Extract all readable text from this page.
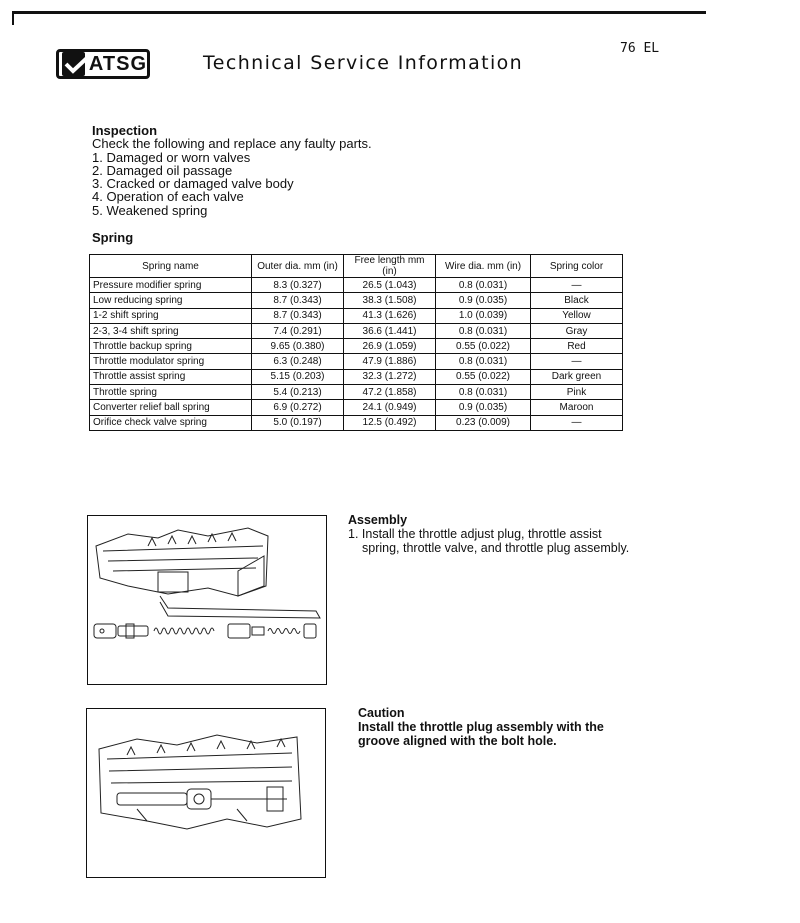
ATSG	Technical Service Information
76 EL
Inspection
Check the following and replace any faulty parts.
1. Damaged or worn valves
2. Damaged oil passage
3. Cracked or damaged valve body
4. Operation of each valve
5. Weakened spring
Spring
Spring name	Outer dia. mm (in)	Free length mm (in)	Wire dia. mm (in)	Spring color
Pressure modifier spring	8.3 (0.327)	26.5 (1.043)	0.8 (0.031)	—
Low reducing spring	8.7 (0.343)	38.3 (1.508)	0.9 (0.035)	Black
1-2 shift spring	8.7 (0.343)	41.3 (1.626)	1.0 (0.039)	Yellow
2-3, 3-4 shift spring	7.4 (0.291)	36.6 (1.441)	0.8 (0.031)	Gray
Throttle backup spring	9.65 (0.380)	26.9 (1.059)	0.55 (0.022)	Red
Throttle modulator spring	6.3 (0.248)	47.9 (1.886)	0.8 (0.031)	—
Throttle assist spring	5.15 (0.203)	32.3 (1.272)	0.55 (0.022)	Dark green
Throttle spring	5.4 (0.213)	47.2 (1.858)	0.8 (0.031)	Pink
Converter relief ball spring	6.9 (0.272)	24.1 (0.949)	0.9 (0.035)	Maroon
Orifice check valve spring	5.0 (0.197)	12.5 (0.492)	0.23 (0.009)	—
Assembly
1. Install the throttle adjust plug, throttle assist spring, throttle valve, and throttle plug assembly.
Caution
Install the throttle plug assembly with the groove aligned with the bolt hole.
